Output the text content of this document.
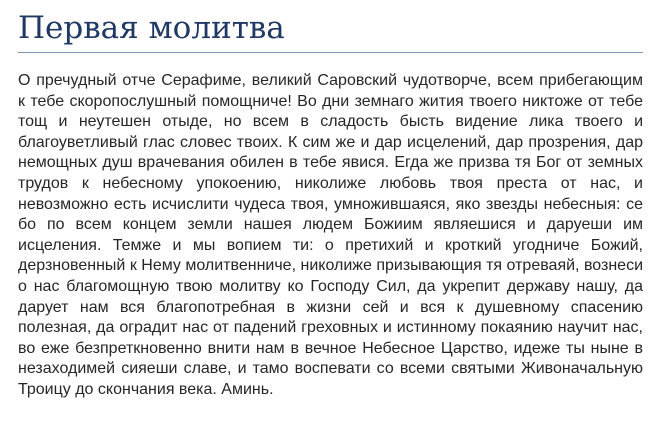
Первая молитва

О пречудный отче Серафиме, великий Саровский чудотворче, всем прибегающим к тебе скоропослушный помощниче! Во дни земнаго жития твоего никтоже от тебе тощ и неутешен отыде, но всем в сладость бысть видение лика твоего и благоуветливый глас словес твоих. К сим же и дар исцелений, дар прозрения, дар немощных душ врачевания обилен в тебе явися. Егда же призва тя Бог от земных трудов к небесному упокоению, николиже любовь твоя преста от нас, и невозможно есть исчислити чудеса твоя, умножившаяся, яко звезды небесныя: се бо по всем концем земли нашея людем Божиим являешися и даруеши им исцеления. Темже и мы вопием ти: о претихий и кроткий угодниче Божий, дерзновенный к Нему молитвенниче, николиже призывающия тя отреваяй, вознеси о нас благомощную твою молитву ко Господу Сил, да укрепит державу нашу, да дарует нам вся благопотребная в жизни сей и вся к душевному спасению полезная, да оградит нас от падений греховных и истинному покаянию научит нас, во еже безпреткновенно внити нам в вечное Небесное Царство, идеже ты ныне в незаходимей сияеши славе, и тамо воспевати со всеми святыми Живоначальную Троицу до скончания века. Аминь.
